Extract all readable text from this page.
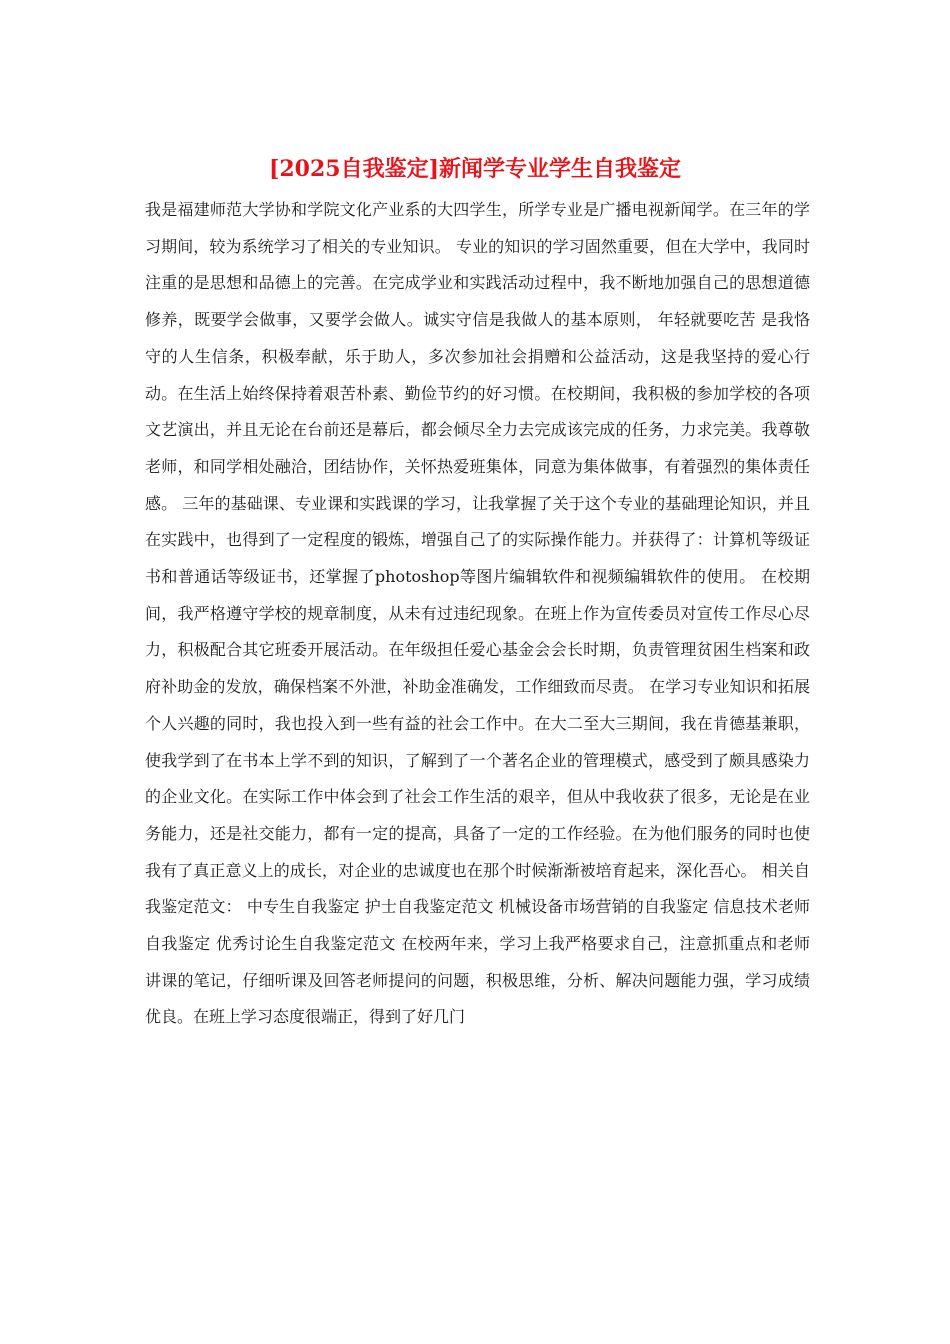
[2025自我鉴定]新闻学专业学生自我鉴定

我是福建师范大学协和学院文化产业系的大四学生，所学专业是广播电视新闻学。在三年的学习期间，较为系统学习了相关的专业知识。 专业的知识的学习固然重要，但在大学中，我同时注重的是思想和品德上的完善。在完成学业和实践活动过程中，我不断地加强自己的思想道德修养，既要学会做事，又要学会做人。诚实守信是我做人的基本原则， 年轻就要吃苦 是我恪守的人生信条，积极奉献，乐于助人，多次参加社会捐赠和公益活动，这是我坚持的爱心行动。在生活上始终保持着艰苦朴素、勤俭节约的好习惯。在校期间，我积极的参加学校的各项文艺演出，并且无论在台前还是幕后，都会倾尽全力去完成该完成的任务，力求完美。我尊敬老师，和同学相处融洽，团结协作，关怀热爱班集体，同意为集体做事，有着强烈的集体责任感。 三年的基础课、专业课和实践课的学习，让我掌握了关于这个专业的基础理论知识，并且在实践中，也得到了一定程度的锻炼，增强自己了的实际操作能力。并获得了：计算机等级证书和普通话等级证书，还掌握了photoshop等图片编辑软件和视频编辑软件的使用。 在校期间，我严格遵守学校的规章制度，从未有过违纪现象。在班上作为宣传委员对宣传工作尽心尽力，积极配合其它班委开展活动。在年级担任爱心基金会会长时期，负责管理贫困生档案和政府补助金的发放，确保档案不外泄，补助金准确发，工作细致而尽责。 在学习专业知识和拓展个人兴趣的同时，我也投入到一些有益的社会工作中。在大二至大三期间，我在肯德基兼职，使我学到了在书本上学不到的知识，了解到了一个著名企业的管理模式，感受到了颇具感染力的企业文化。在实际工作中体会到了社会工作生活的艰辛，但从中我收获了很多，无论是在业务能力，还是社交能力，都有一定的提高，具备了一定的工作经验。在为他们服务的同时也使我有了真正意义上的成长，对企业的忠诚度也在那个时候渐渐被培育起来，深化吾心。 相关自我鉴定范文： 中专生自我鉴定 护士自我鉴定范文 机械设备市场营销的自我鉴定 信息技术老师自我鉴定 优秀讨论生自我鉴定范文 在校两年来，学习上我严格要求自己，注意抓重点和老师讲课的笔记，仔细听课及回答老师提问的问题，积极思维，分析、解决问题能力强，学习成绩优良。在班上学习态度很端正，得到了好几门
